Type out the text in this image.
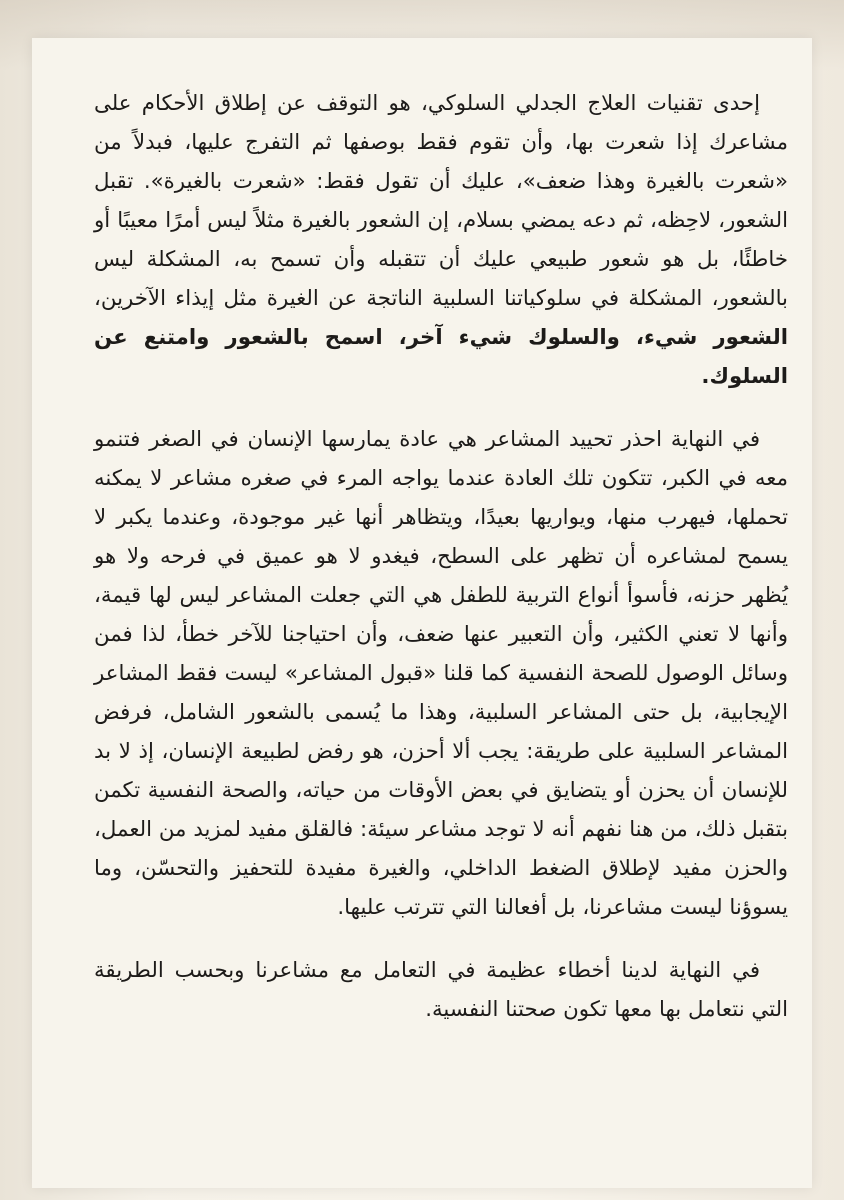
إحدى تقنيات العلاج الجدلي السلوكي، هو التوقف عن إطلاق الأحكام على مشاعرك إذا شعرت بها، وأن تقوم فقط بوصفها ثم التفرج عليها، فبدلاً من «شعرت بالغيرة وهذا ضعف»، عليك أن تقول فقط: «شعرت بالغيرة». تقبل الشعور، لاحِظه، ثم دعه يمضي بسلام، إن الشعور بالغيرة مثلاً ليس أمرًا معيبًا أو خاطئًا، بل هو شعور طبيعي عليك أن تتقبله وأن تسمح به، المشكلة ليس بالشعور، المشكلة في سلوكياتنا السلبية الناتجة عن الغيرة مثل إيذاء الآخرين، الشعور شيء، والسلوك شيء آخر، اسمح بالشعور وامتنع عن السلوك.

في النهاية احذر تحييد المشاعر هي عادة يمارسها الإنسان في الصغر فتنمو معه في الكبر، تتكون تلك العادة عندما يواجه المرء في صغره مشاعر لا يمكنه تحملها، فيهرب منها، ويواريها بعيدًا، ويتظاهر أنها غير موجودة، وعندما يكبر لا يسمح لمشاعره أن تظهر على السطح، فيغدو لا هو عميق في فرحه ولا هو يُظهر حزنه، فأسوأ أنواع التربية للطفل هي التي جعلت المشاعر ليس لها قيمة، وأنها لا تعني الكثير، وأن التعبير عنها ضعف، وأن احتياجنا للآخر خطأ، لذا فمن وسائل الوصول للصحة النفسية كما قلنا «قبول المشاعر» ليست فقط المشاعر الإيجابية، بل حتى المشاعر السلبية، وهذا ما يُسمى بالشعور الشامل، فرفض المشاعر السلبية على طريقة: يجب ألا أحزن، هو رفض لطبيعة الإنسان، إذ لا بد للإنسان أن يحزن أو يتضايق في بعض الأوقات من حياته، والصحة النفسية تكمن بتقبل ذلك، من هنا نفهم أنه لا توجد مشاعر سيئة: فالقلق مفيد لمزيد من العمل، والحزن مفيد لإطلاق الضغط الداخلي، والغيرة مفيدة للتحفيز والتحسّن، وما يسوؤنا ليست مشاعرنا، بل أفعالنا التي تترتب عليها.

في النهاية لدينا أخطاء عظيمة في التعامل مع مشاعرنا وبحسب الطريقة التي نتعامل بها معها تكون صحتنا النفسية.
